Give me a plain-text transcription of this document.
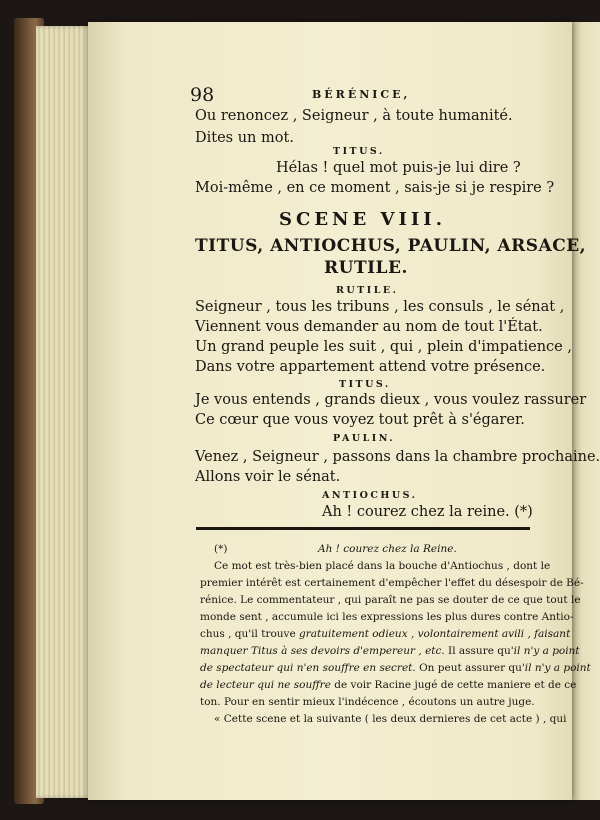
98	BÉRÉNICE,
Ou renoncez , Seigneur , à toute humanité.
Dites un mot.
TITUS.
Hélas ! quel mot puis-je lui dire ?
Moi-même , en ce moment , sais-je si je respire ?
SCENE VIII.
TITUS, ANTIOCHUS, PAULIN, ARSACE,
RUTILE.
RUTILE.
Seigneur , tous les tribuns , les consuls , le sénat ,
Viennent vous demander au nom de tout l'État.
Un grand peuple les suit , qui , plein d'impatience ,
Dans votre appartement attend votre présence.
TITUS.
Je vous entends , grands dieux , vous voulez rassurer
Ce cœur que vous voyez tout prêt à s'égarer.
PAULIN.
Venez , Seigneur , passons dans la chambre prochaine.
Allons voir le sénat.
ANTIOCHUS.
Ah ! courez chez la reine. (*)
(*)	Ah ! courez chez la Reine.
Ce mot est très-bien placé dans la bouche d'Antiochus , dont le
premier intérêt est certainement d'empêcher l'effet du désespoir de Bé-
rénice. Le commentateur , qui paraît ne pas se douter de ce que tout le
monde sent , accumule ici les expressions les plus dures contre Antio-
chus , qu'il trouve gratuitement odieux , volontairement avili , faisant
manquer Titus à ses devoirs d'empereur , etc. Il assure qu'il n'y a point
de spectateur qui n'en souffre en secret. On peut assurer qu'il n'y a point
de lecteur qui ne souffre de voir Racine jugé de cette maniere et de ce
ton. Pour en sentir mieux l'indécence , écoutons un autre juge.
« Cette scene et la suivante ( les deux dernieres de cet acte ) , qui
